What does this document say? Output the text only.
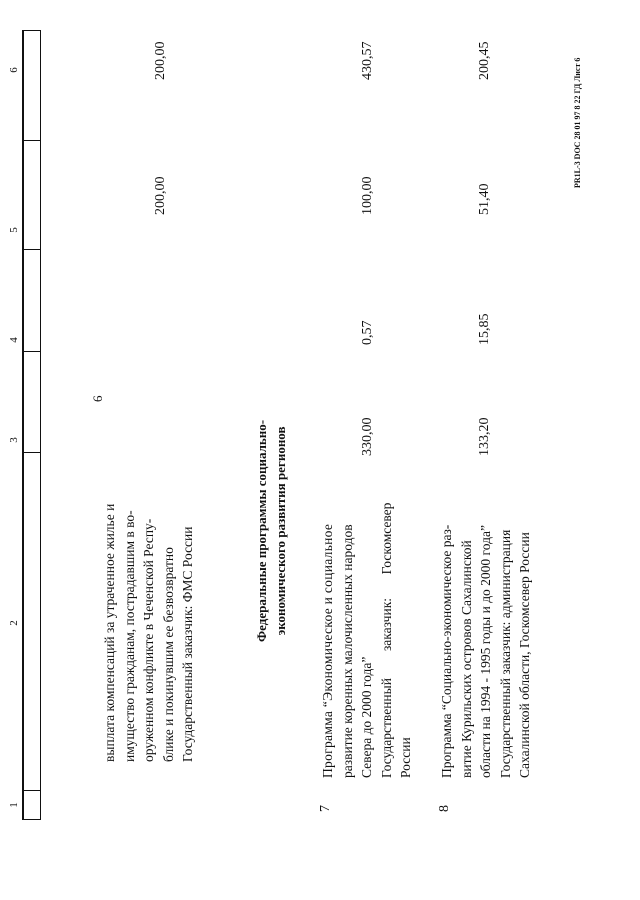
6
1
2
3
4
5
6
выплата компенсаций за утраченное жилье и имущество гражданам, пострадавшим в во- оруженном конфликте в Чеченской Респу- блике и покинувшим ее безвозвратно Государственный заказчик: ФМС России
200,00
200,00
Федеральные программы социально- экономического развития регионов
7
Программа “Экономическое и социальное развитие коренных малочисленных народов Севера до 2000 года” Государственный        заказчик:       Госкомсевер России
330,00
0,57
100,00
430,57
8
Программа “Социально-экономическое раз- витие Курильских островов Сахалинской области на 1994 - 1995 годы и до 2000 года” Государственный заказчик: администрация Сахалинской области, Госкомсевер России
133,20
15,85
51,40
200,45	PR1L-3 DOC 28 01 97 8 22 ГД Лист 6
